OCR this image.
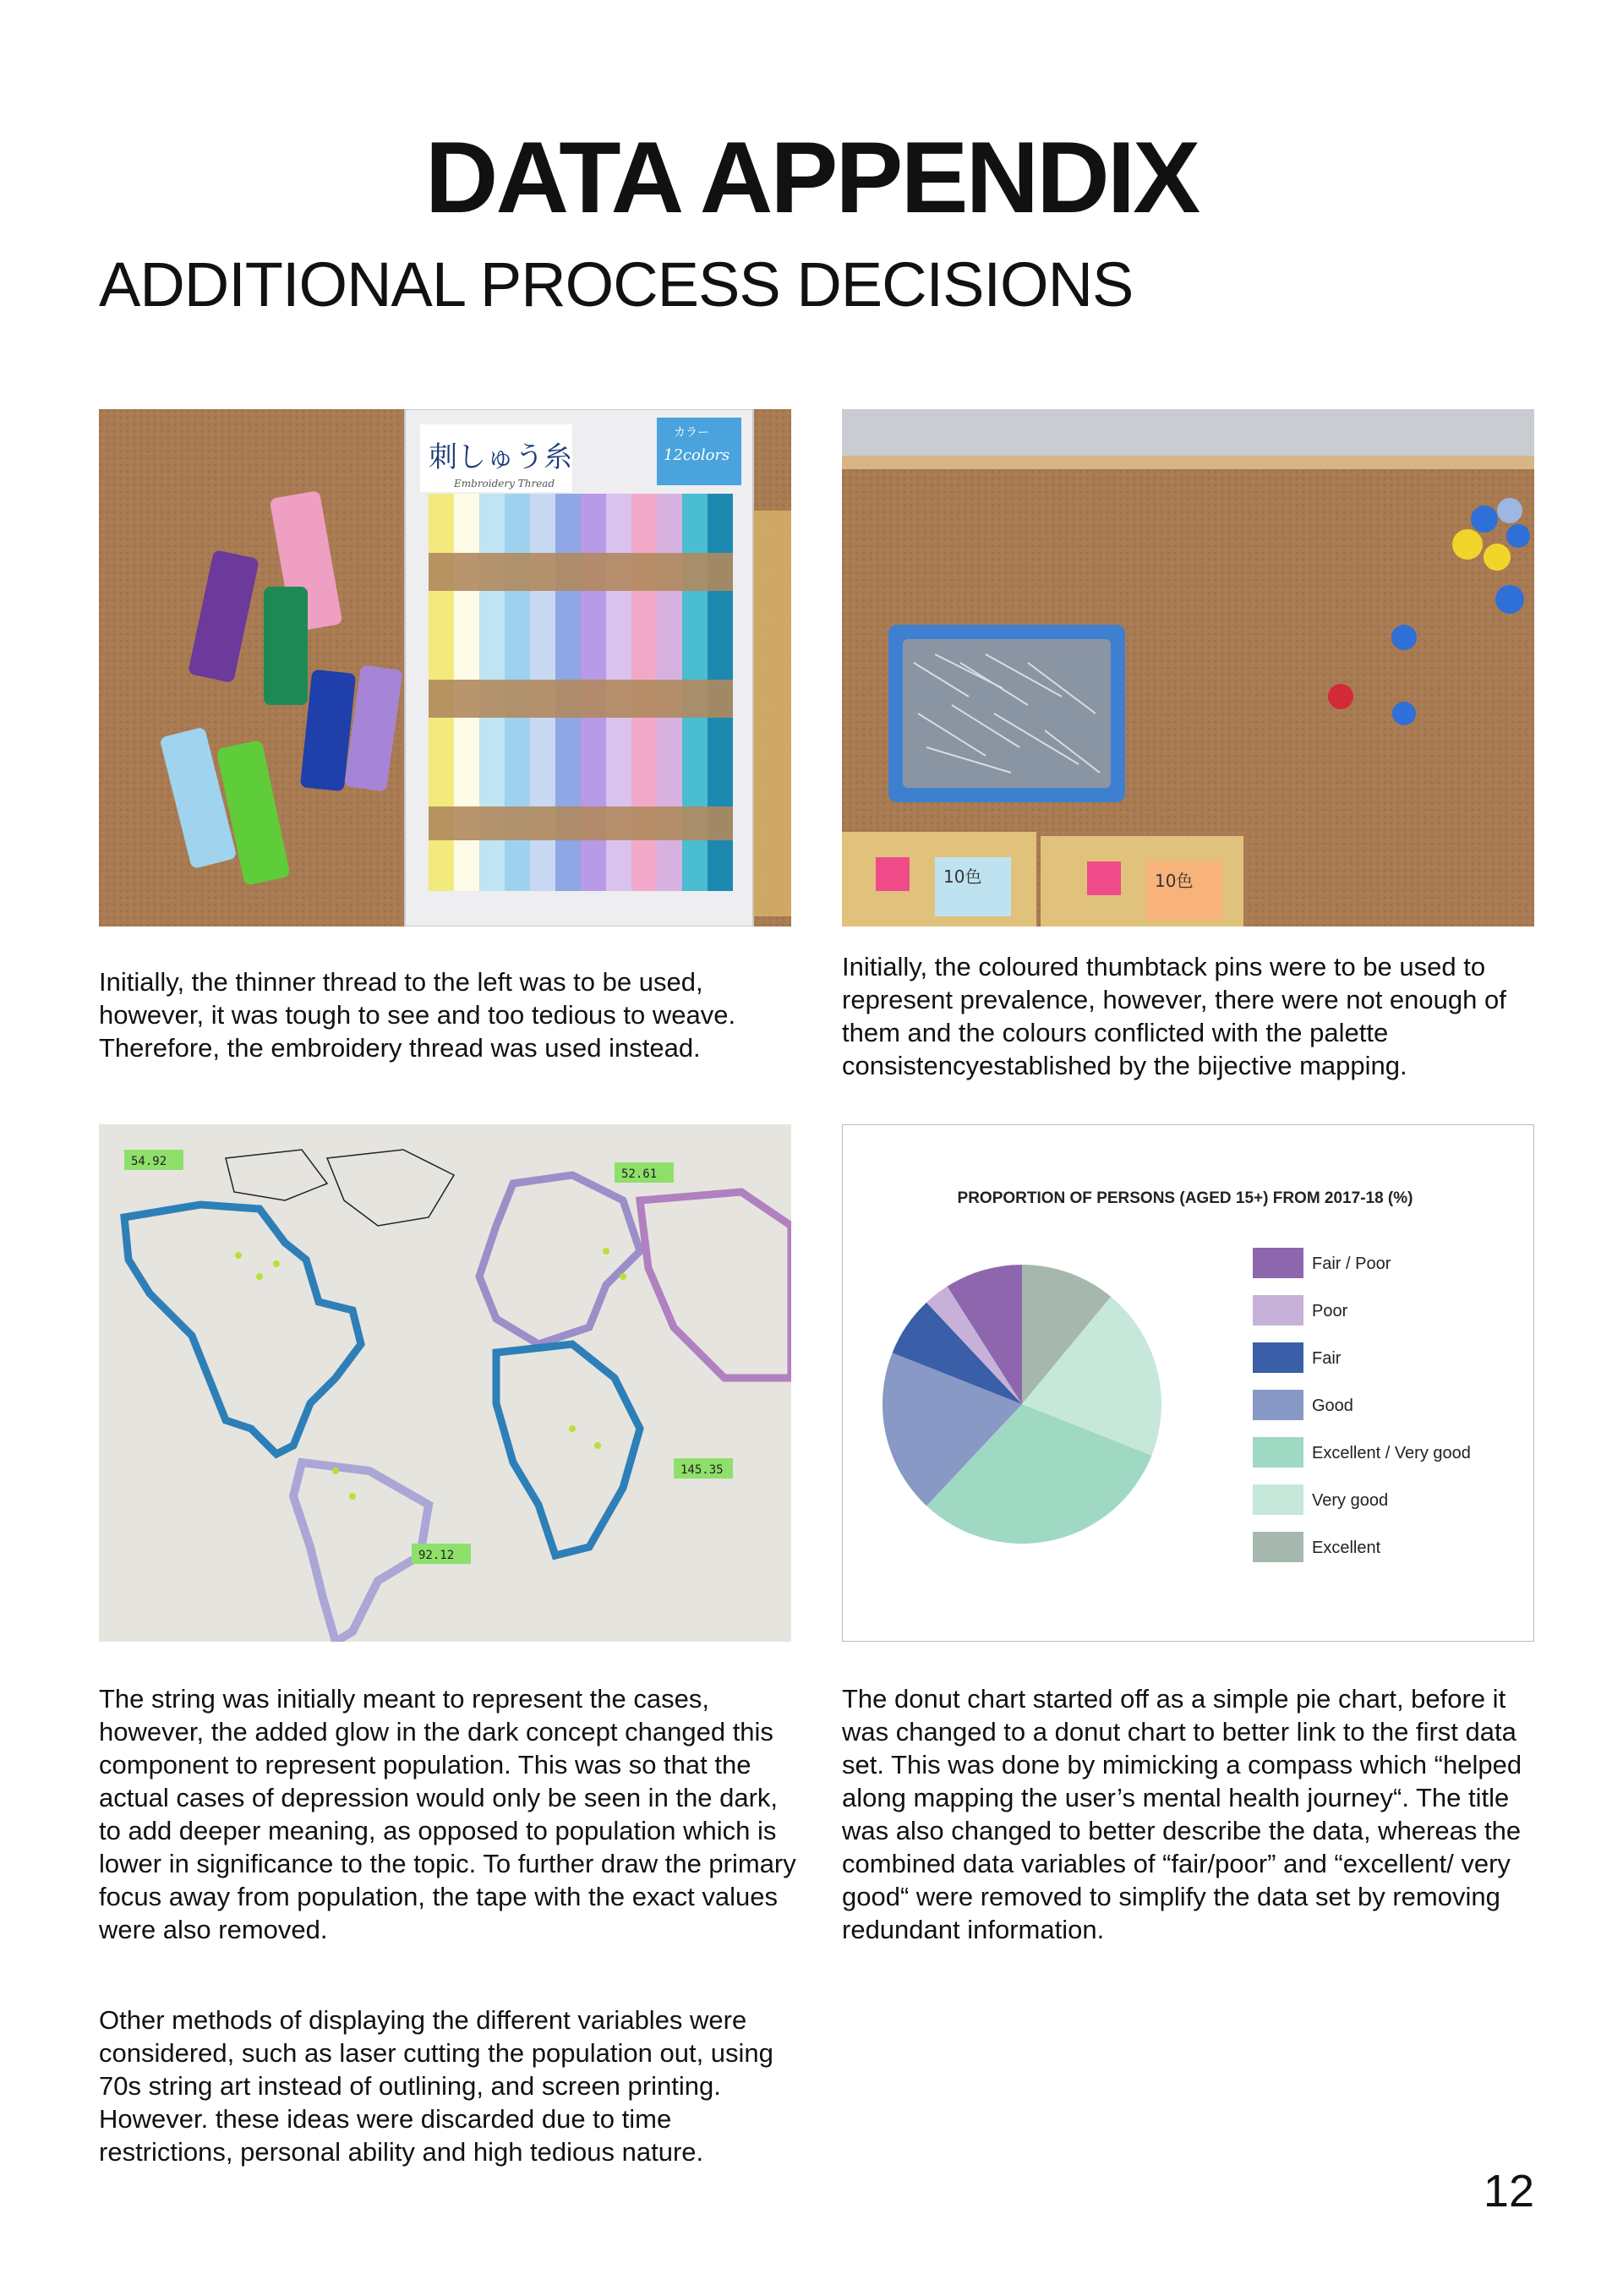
DATA APPENDIX
ADDITIONAL PROCESS DECISIONS
刺しゅう糸
Embroidery Thread
カラー
12colors
10色	10色
54.92
52.61
145.35
92.12
PROPORTION OF PERSONS (AGED 15+) FROM 2017-18 (%)
Fair / Poor
Poor
Fair
Good
Excellent / Very good
Very good
Excellent

Initially, the thinner thread to the left was to be used, however, it was tough to see and too tedious to weave. Therefore, the embroidery thread was used instead.

Initially, the coloured thumbtack pins were to be used to represent prevalence, however, there were not enough of them and the colours conflicted with the palette consistencyestablished by the bijective mapping.

The string was initially meant to represent the cases, however, the added glow in the dark concept changed this component to represent population. This was so that the actual cases of depression would only be seen in the dark, to add deeper meaning, as opposed to population which is lower in significance to the topic. To further draw the primary focus away from population, the tape with the exact values were also removed.

The donut chart started off as a simple pie chart, before it was changed to a donut chart to better link to the first data set. This was done by mimicking a compass which “helped along mapping the user’s mental health journey“. The title was also changed to better describe the data, whereas the combined data variables of “fair/poor” and “excellent/ very good“ were removed to simplify the data set by removing redundant information.

Other methods of displaying the different variables were considered, such as laser cutting the population out, using 70s string art instead of outlining, and screen printing. However. these ideas were discarded due to time restrictions, personal ability and high tedious nature.

12
